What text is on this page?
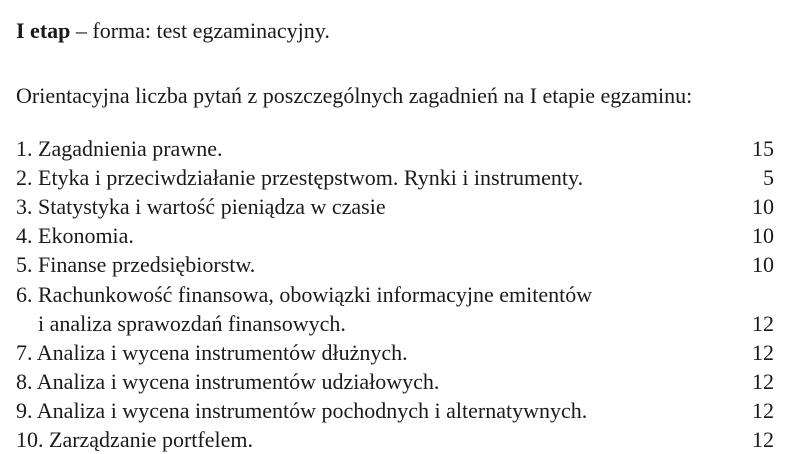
I etap – forma: test egzaminacyjny.
Orientacyjna liczba pytań z poszczególnych zagadnień na I etapie egzaminu:
1. Zagadnienia prawne.	15
2. Etyka i przeciwdziałanie przestępstwom. Rynki i instrumenty.	5
3. Statystyka i wartość pieniądza w czasie	10
4. Ekonomia.	10
5. Finanse przedsiębiorstw.	10
6. Rachunkowość finansowa, obowiązki informacyjne emitentów
i analiza sprawozdań finansowych.	12
7. Analiza i wycena instrumentów dłużnych.	12
8. Analiza i wycena instrumentów udziałowych.	12
9. Analiza i wycena instrumentów pochodnych i alternatywnych.	12
10. Zarządzanie portfelem.	12
